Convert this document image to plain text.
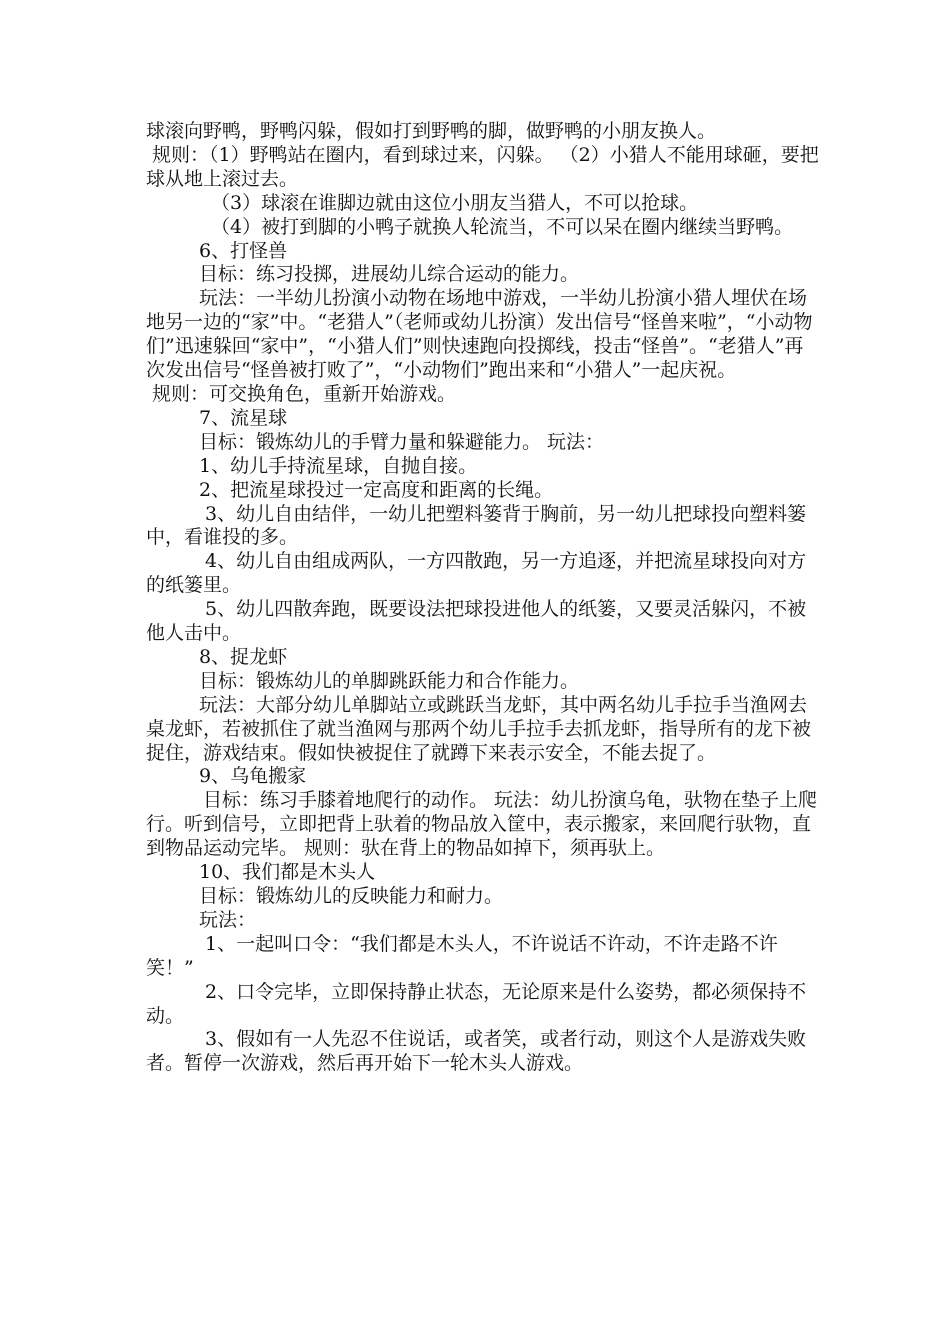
球滚向野鸭，野鸭闪躲，假如打到野鸭的脚，做野鸭的小朋友换人。

规则：（1）野鸭站在圈内，看到球过来，闪躲。 （2）小猎人不能用球砸，要把球从地上滚过去。

（3）球滚在谁脚边就由这位小朋友当猎人，不可以抢球。

（4）被打到脚的小鸭子就换人轮流当，不可以呆在圈内继续当野鸭。

6、打怪兽

目标：练习投掷，进展幼儿综合运动的能力。

玩法：一半幼儿扮演小动物在场地中游戏，一半幼儿扮演小猎人埋伏在场地另一边的“家”中。“老猎人”（老师或幼儿扮演）发出信号“怪兽来啦”，“小动物们”迅速躲回“家中”，“小猎人们”则快速跑向投掷线，投击“怪兽”。“老猎人”再次发出信号“怪兽被打败了”，“小动物们”跑出来和“小猎人”一起庆祝。

规则：可交换角色，重新开始游戏。

7、流星球

目标：锻炼幼儿的手臂力量和躲避能力。 玩法：

1、幼儿手持流星球，自抛自接。

2、把流星球投过一定高度和距离的长绳。

3、幼儿自由结伴，一幼儿把塑料篓背于胸前，另一幼儿把球投向塑料篓中，看谁投的多。

4、幼儿自由组成两队，一方四散跑，另一方追逐，并把流星球投向对方的纸篓里。

5、幼儿四散奔跑，既要设法把球投进他人的纸篓，又要灵活躲闪，不被他人击中。

8、捉龙虾

目标：锻炼幼儿的单脚跳跃能力和合作能力。

玩法：大部分幼儿单脚站立或跳跃当龙虾，其中两名幼儿手拉手当渔网去桌龙虾，若被抓住了就当渔网与那两个幼儿手拉手去抓龙虾，指导所有的龙下被捉住，游戏结束。假如快被捉住了就蹲下来表示安全，不能去捉了。

9、乌龟搬家

目标：练习手膝着地爬行的动作。 玩法：幼儿扮演乌龟，驮物在垫子上爬行。听到信号，立即把背上驮着的物品放入筐中，表示搬家，来回爬行驮物，直到物品运动完毕。 规则：驮在背上的物品如掉下，须再驮上。

10、我们都是木头人

目标：锻炼幼儿的反映能力和耐力。

玩法：

1、一起叫口令：“我们都是木头人，不许说话不许动，不许走路不许笑！”

2、口令完毕，立即保持静止状态，无论原来是什么姿势，都必须保持不动。

3、假如有一人先忍不住说话，或者笑，或者行动，则这个人是游戏失败者。暂停一次游戏，然后再开始下一轮木头人游戏。
